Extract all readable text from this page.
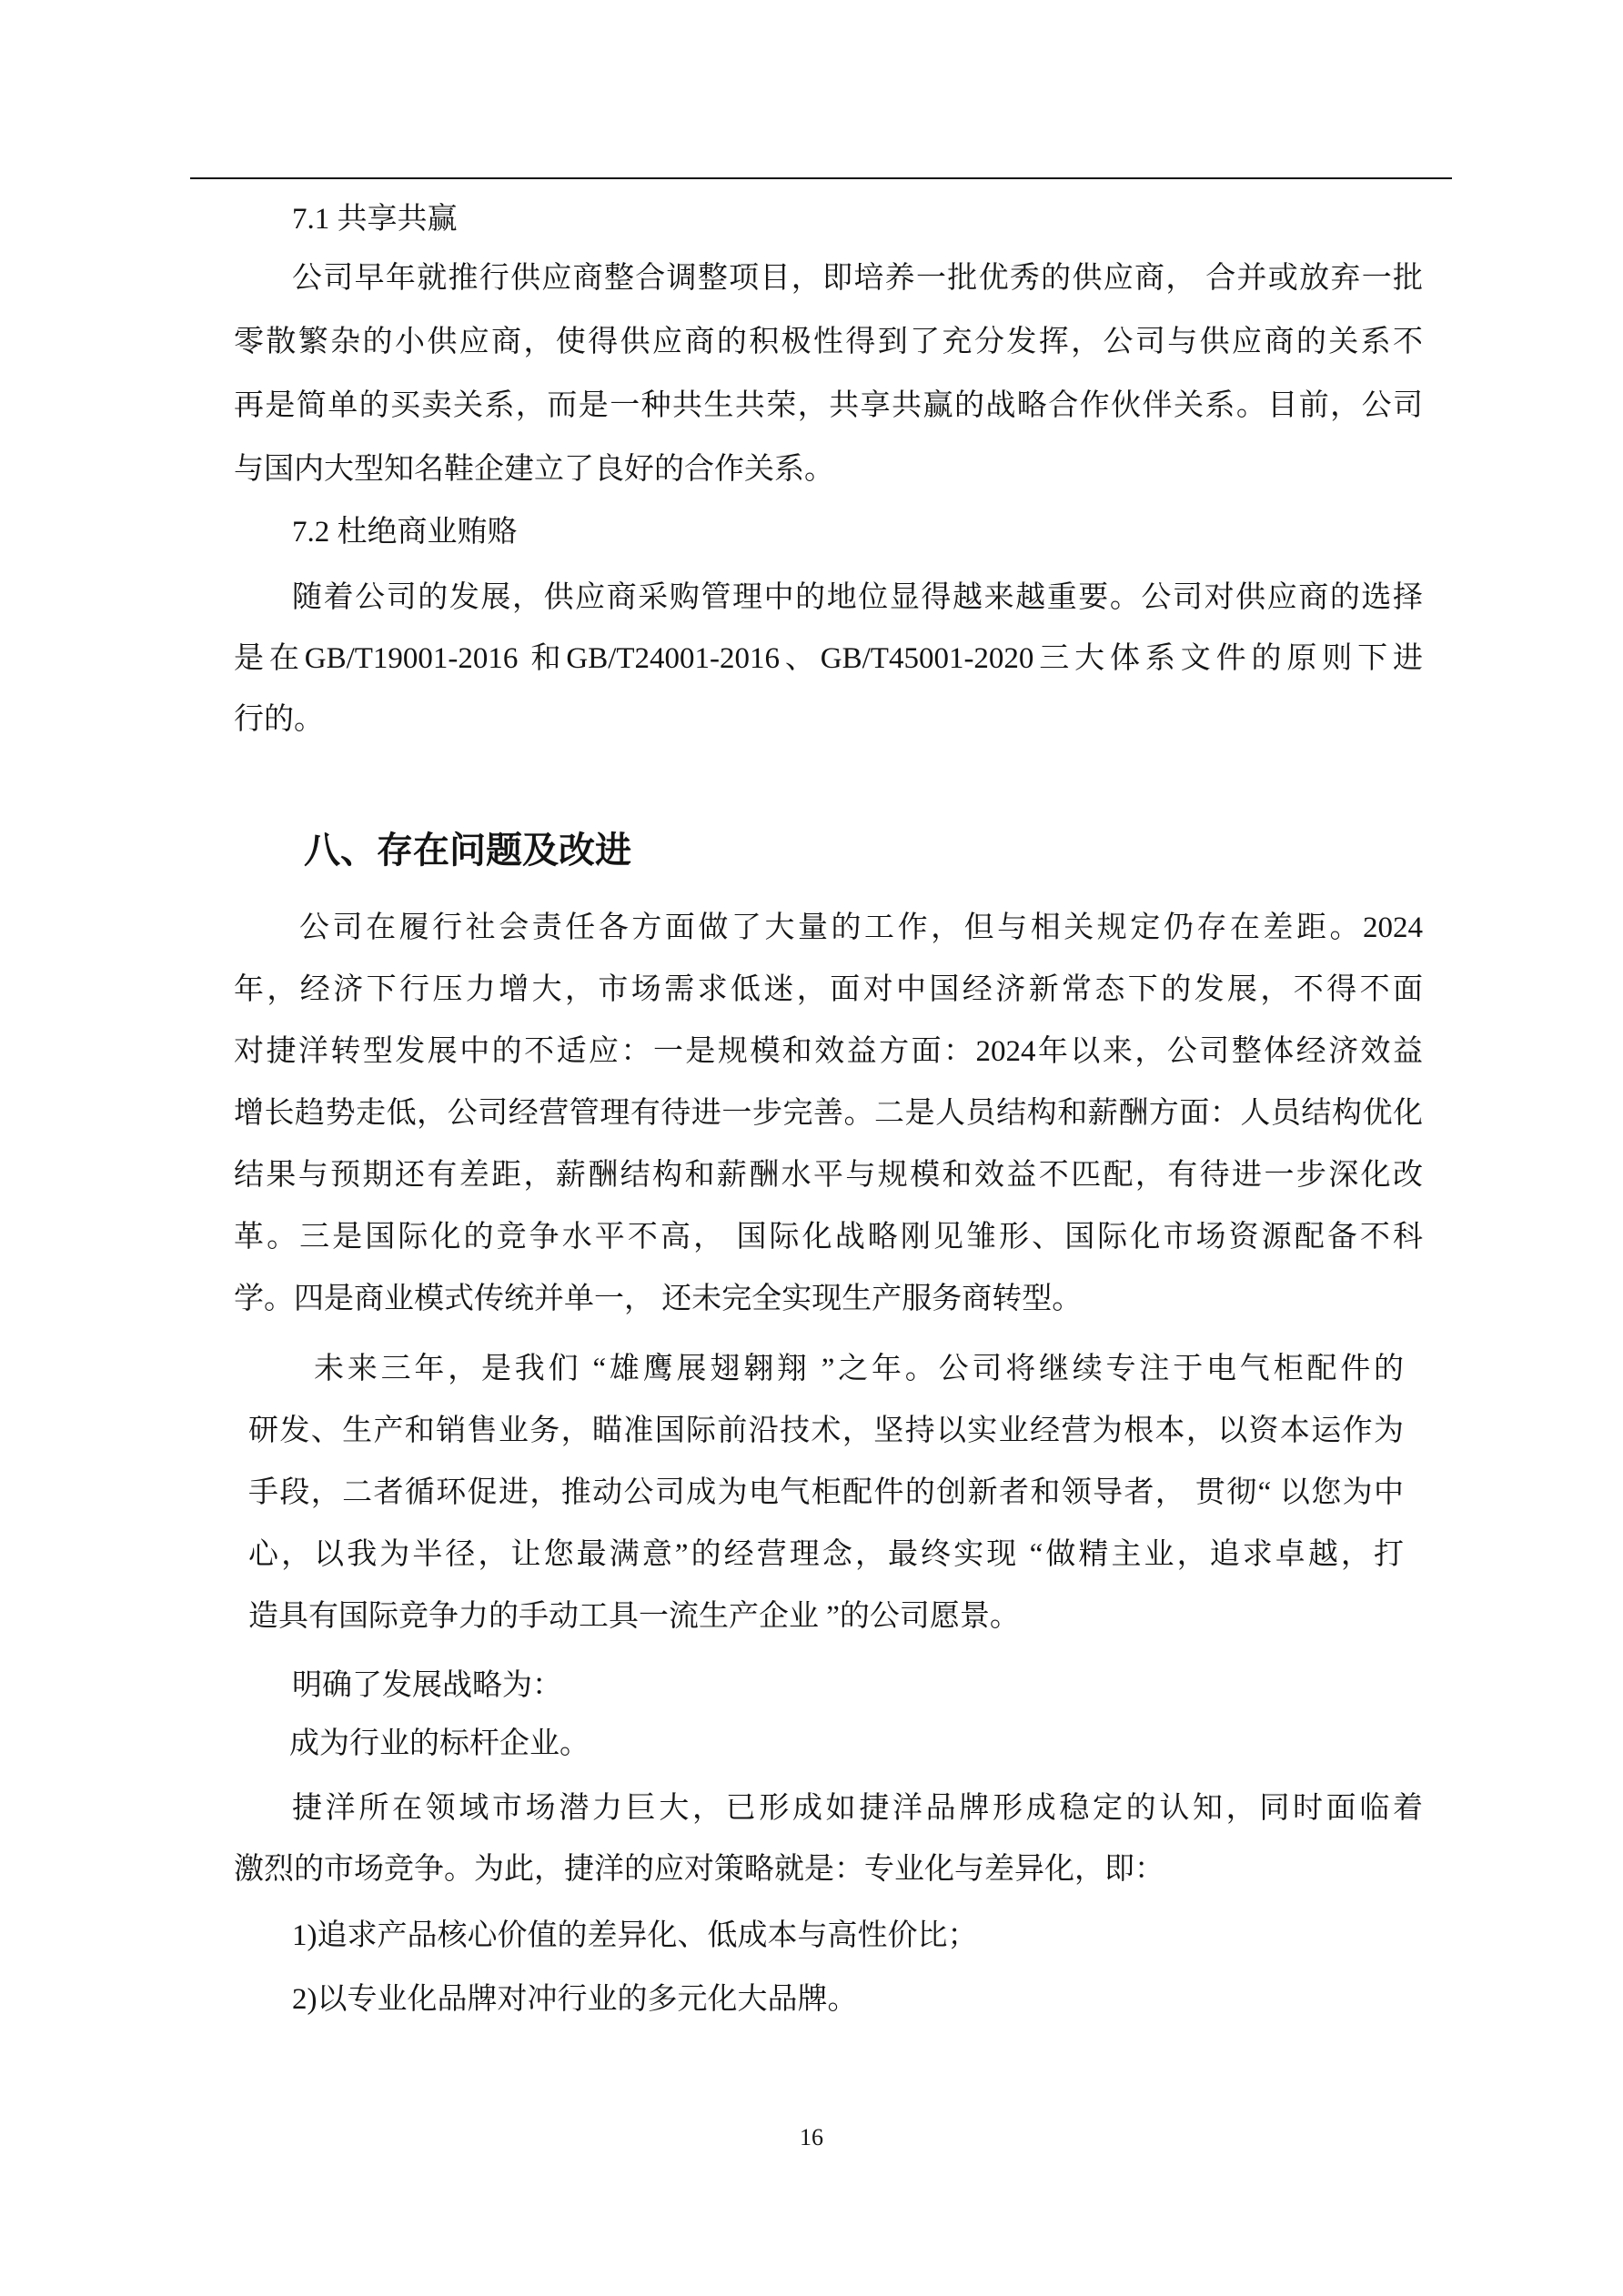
7.1 共享共赢
公司早年就推行供应商整合调整项目，即培养一批优秀的供应商， 合并或放弃一批
零散繁杂的小供应商，使得供应商的积极性得到了充分发挥，公司与供应商的关系不
再是简单的买卖关系，而是一种共生共荣，共享共赢的战略合作伙伴关系。目前，公司
与国内大型知名鞋企建立了良好的合作关系。
7.2 杜绝商业贿赂
随着公司的发展，供应商采购管理中的地位显得越来越重要。公司对供应商的选择
是在GB/T19001-2016 和GB/T24001-2016、GB/T45001-2020三大体系文件的原则下进
行的。
八、存在问题及改进
公司在履行社会责任各方面做了大量的工作，但与相关规定仍存在差距。2024
年，经济下行压力增大，市场需求低迷，面对中国经济新常态下的发展，不得不面
对捷洋转型发展中的不适应：一是规模和效益方面：2024年以来，公司整体经济效益
增长趋势走低，公司经营管理有待进一步完善。二是人员结构和薪酬方面：人员结构优化
结果与预期还有差距，薪酬结构和薪酬水平与规模和效益不匹配，有待进一步深化改
革。三是国际化的竞争水平不高， 国际化战略刚见雏形、国际化市场资源配备不科
学。四是商业模式传统并单一， 还未完全实现生产服务商转型。
未来三年，是我们 “雄鹰展翅翱翔 ”之年。公司将继续专注于电气柜配件的
研发、生产和销售业务，瞄准国际前沿技术，坚持以实业经营为根本，以资本运作为
手段，二者循环促进，推动公司成为电气柜配件的创新者和领导者， 贯彻“ 以您为中
心，以我为半径，让您最满意”的经营理念，最终实现 “做精主业，追求卓越，打
造具有国际竞争力的手动工具一流生产企业 ”的公司愿景。
明确了发展战略为：
成为行业的标杆企业。
捷洋所在领域市场潜力巨大，已形成如捷洋品牌形成稳定的认知，同时面临着
激烈的市场竞争。为此，捷洋的应对策略就是：专业化与差异化，即：
1)追求产品核心价值的差异化、低成本与高性价比；
2)以专业化品牌对冲行业的多元化大品牌。
16
